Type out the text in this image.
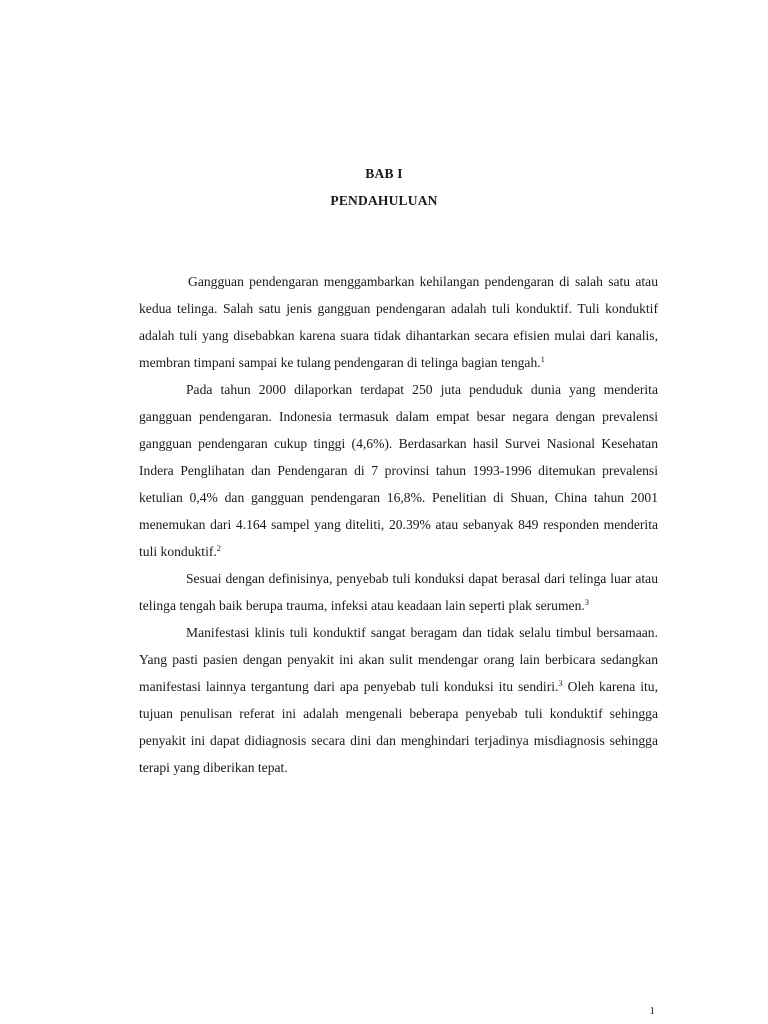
BAB I
PENDAHULUAN

Gangguan pendengaran menggambarkan kehilangan pendengaran di salah satu atau kedua telinga. Salah satu jenis gangguan pendengaran adalah tuli konduktif. Tuli konduktif adalah tuli yang disebabkan karena suara tidak dihantarkan secara efisien mulai dari kanalis, membran timpani sampai ke tulang pendengaran di telinga bagian tengah.$^1$

Pada tahun 2000 dilaporkan terdapat 250 juta penduduk dunia yang menderita gangguan pendengaran. Indonesia termasuk dalam empat besar negara dengan prevalensi gangguan pendengaran cukup tinggi (4,6%). Berdasarkan hasil Survei Nasional Kesehatan Indera Penglihatan dan Pendengaran di 7 provinsi tahun 1993-1996 ditemukan prevalensi ketulian 0,4% dan gangguan pendengaran 16,8%. Penelitian di Shuan, China tahun 2001 menemukan dari 4.164 sampel yang diteliti, 20.39% atau sebanyak 849 responden menderita tuli konduktif.$^2$

Sesuai dengan definisinya, penyebab tuli konduksi dapat berasal dari telinga luar atau telinga tengah baik berupa trauma, infeksi atau keadaan lain seperti plak serumen.$^3$

Manifestasi klinis tuli konduktif sangat beragam dan tidak selalu timbul bersamaan. Yang pasti pasien dengan penyakit ini akan sulit mendengar orang lain berbicara sedangkan manifestasi lainnya tergantung dari apa penyebab tuli konduksi itu sendiri.$^3$ Oleh karena itu, tujuan penulisan referat ini adalah mengenali beberapa penyebab tuli konduktif sehingga penyakit ini dapat didiagnosis secara dini dan menghindari terjadinya misdiagnosis sehingga terapi yang diberikan tepat.

1
